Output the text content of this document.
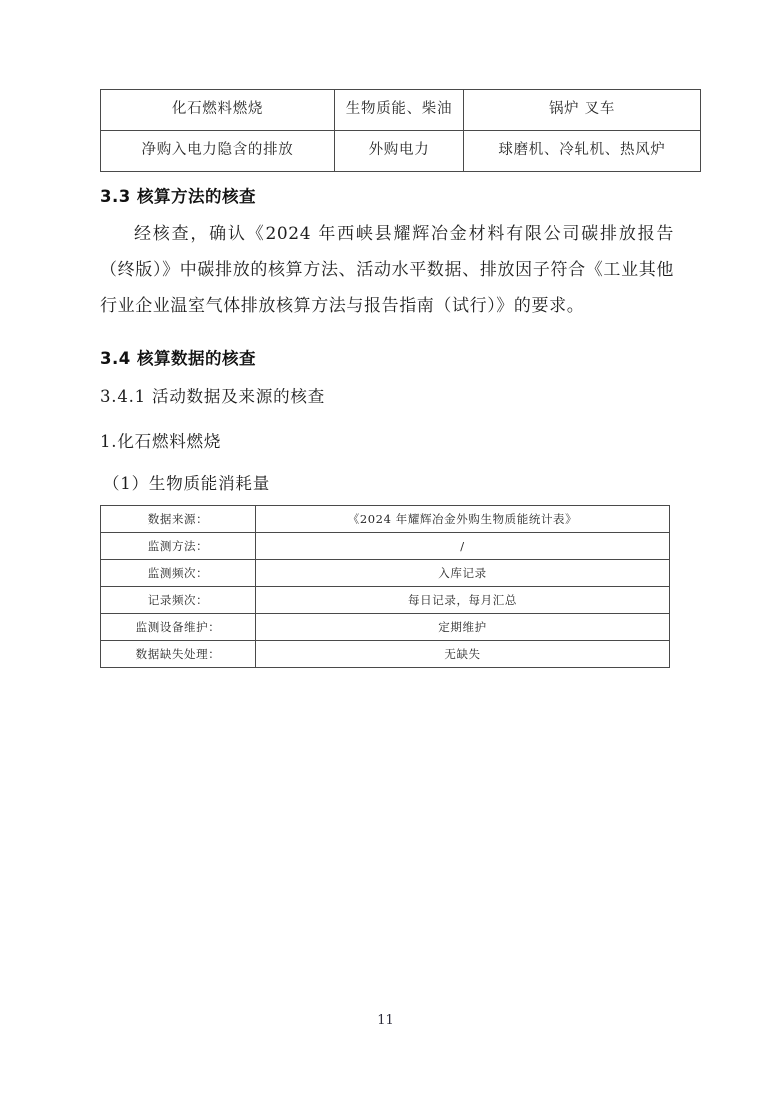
化石燃料燃烧	生物质能、柴油	锅炉 叉车
净购入电力隐含的排放	外购电力	球磨机、冷轧机、热风炉
3.3 核算方法的核查
经核查，确认《2024 年西峡县耀辉冶金材料有限公司碳排放报告（终版）》中碳排放的核算方法、活动水平数据、排放因子符合《工业其他行业企业温室气体排放核算方法与报告指南（试行）》的要求。
3.4 核算数据的核查
3.4.1 活动数据及来源的核查
1.化石燃料燃烧
（1）生物质能消耗量
数据来源：	《2024 年耀辉冶金外购生物质能统计表》
监测方法：	/
监测频次：	入库记录
记录频次：	每日记录，每月汇总
监测设备维护：	定期维护
数据缺失处理：	无缺失
11
